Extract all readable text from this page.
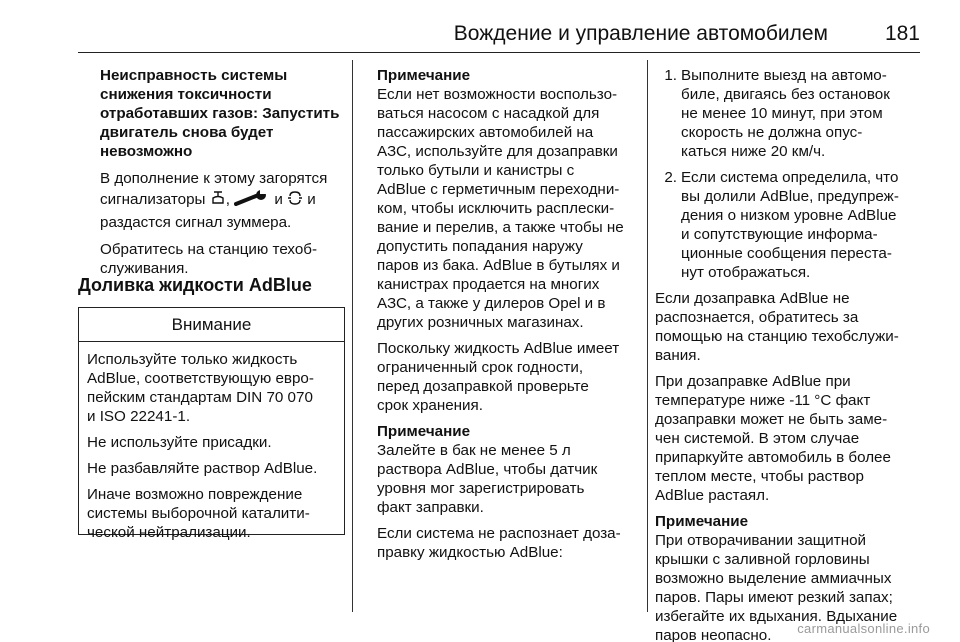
Вождение и управление автомобилем	181

Неисправность системы
снижения токсичности
отработавших газов: Запустить
двигатель снова будет
невозможно

В дополнение к этому загорятся
сигнализаторы ,  и  и
раздастся сигнал зуммера.

Обратитесь на станцию техоб-
служивания.

Доливка жидкости AdBlue
Внимание

Используйте только жидкость
AdBlue, соответствующую евро-
пейским стандартам DIN 70 070
и ISO 22241-1.

Не используйте присадки.

Не разбавляйте раствор AdBlue.

Иначе возможно повреждение
системы выборочной каталити-
ческой нейтрализации.

Примечание

Если нет возможности воспользо-
ваться насосом с насадкой для
пассажирских автомобилей на
АЗС, используйте для дозаправки
только бутыли и канистры с
AdBlue с герметичным переходни-
ком, чтобы исключить расплески-
вание и перелив, а также чтобы не
допустить попадания наружу
паров из бака. AdBlue в бутылях и
канистрах продается на многих
АЗС, а также у дилеров Opel и в
других розничных магазинах.

Поскольку жидкость AdBlue имеет
ограниченный срок годности,
перед дозаправкой проверьте
срок хранения.

Примечание

Залейте в бак не менее 5 л
раствора AdBlue, чтобы датчик
уровня мог зарегистрировать
факт заправки.

Если система не распознает доза-
правку жидкостью AdBlue:

1. Выполните выезд на автомо-
биле, двигаясь без остановок
не менее 10 минут, при этом
скорость не должна опус-
каться ниже 20 км/ч.
2. Если система определила, что
вы долили AdBlue, предупреж-
дения о низком уровне AdBlue
и сопутствующие информа-
ционные сообщения переста-
нут отображаться.

Если дозаправка AdBlue не
распознается, обратитесь за
помощью на станцию техобслужи-
вания.

При дозаправке AdBlue при
температуре ниже -11 °С факт
дозаправки может не быть заме-
чен системой. В этом случае
припаркуйте автомобиль в более
теплом месте, чтобы раствор
AdBlue растаял.

Примечание

При отворачивании защитной
крышки с заливной горловины
возможно выделение аммиачных
паров. Пары имеют резкий запах;
избегайте их вдыхания. Вдыхание
паров неопасно.	carmanualsonline.info
